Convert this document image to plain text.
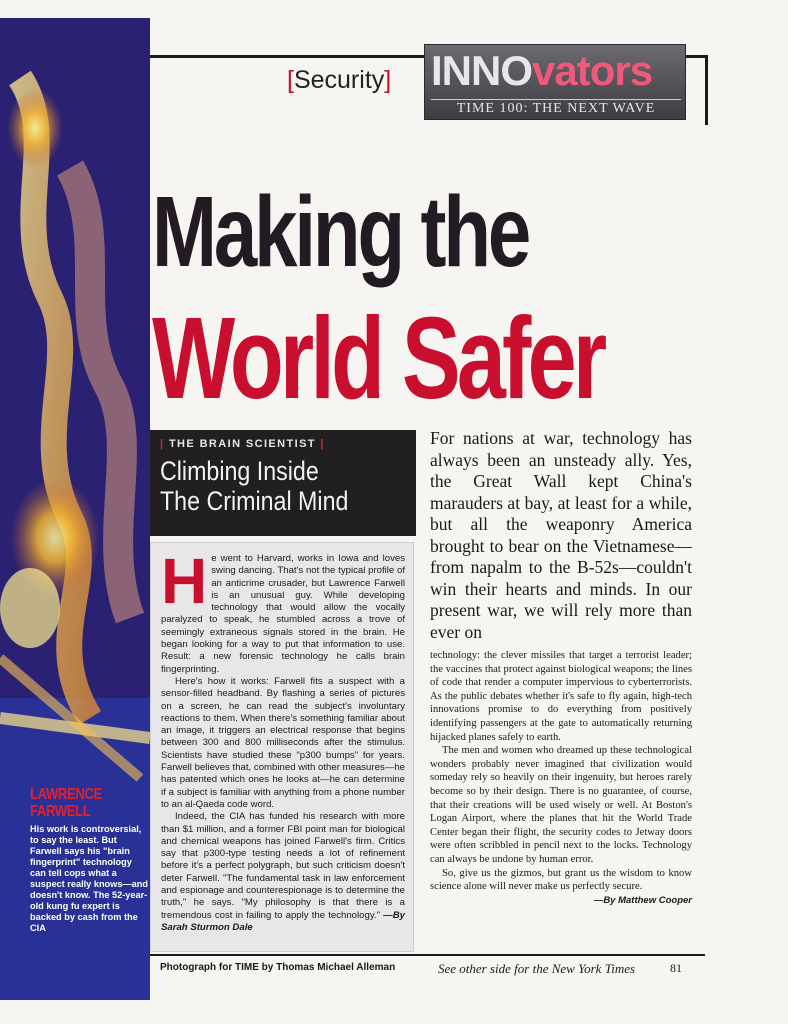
LAWRENCE FARWELL
His work is controversial, to say the least. But Farwell says his "brain fingerprint" technology can tell cops what a suspect really knows—and doesn't know. The 52-year-old kung fu expert is backed by cash from the CIA
[Security] INNOvators
TIME 100: THE NEXT WAVE
Making the
World Safer
| THE BRAIN SCIENTIST |
Climbing Inside
The Criminal Mind

He went to Harvard, works in Iowa and loves swing dancing. That's not the typical profile of an anticrime crusader, but Lawrence Farwell is an unusual guy. While developing technology that would allow the vocally paralyzed to speak, he stumbled across a trove of seemingly extraneous signals stored in the brain. He began looking for a way to put that information to use. Result: a new forensic technology he calls brain fingerprinting.

Here's how it works: Farwell fits a suspect with a sensor-filled headband. By flashing a series of pictures on a screen, he can read the subject's involuntary reactions to them. When there's something familiar about an image, it triggers an electrical response that begins between 300 and 800 milliseconds after the stimulus. Scientists have studied these "p300 bumps" for years. Farwell believes that, combined with other measures—he has patented which ones he looks at—he can determine if a subject is familiar with anything from a phone number to an al-Qaeda code word.

Indeed, the CIA has funded his research with more than $1 million, and a former FBI point man for biological and chemical weapons has joined Farwell's firm. Critics say that p300-type testing needs a lot of refinement before it's a perfect polygraph, but such criticism doesn't deter Farwell. "The fundamental task in law enforcement and espionage and counterespionage is to determine the truth," he says. "My philosophy is that there is a tremendous cost in failing to apply the technology." —By Sarah Sturmon Dale

For nations at war, technology has always been an unsteady ally. Yes, the Great Wall kept China's marauders at bay, at least for a while, but all the weaponry America brought to bear on the Vietnamese—from napalm to the B-52s—couldn't win their hearts and minds. In our present war, we will rely more than ever on

technology: the clever missiles that target a terrorist leader; the vaccines that protect against biological weapons; the lines of code that render a computer impervious to cyberterrorists. As the public debates whether it's safe to fly again, high-tech innovations promise to do everything from positively identifying passengers at the gate to automatically returning hijacked planes safely to earth.

The men and women who dreamed up these technological wonders probably never imagined that civilization would someday rely so heavily on their ingenuity, but heroes rarely become so by their design. There is no guarantee, of course, that their creations will be used wisely or well. At Boston's Logan Airport, where the planes that hit the World Trade Center began their flight, the security codes to Jetway doors were often scribbled in pencil next to the locks. Technology can always be undone by human error.

So, give us the gizmos, but grant us the wisdom to know science alone will never make us perfectly secure.
—By Matthew Cooper

Photograph for TIME by Thomas Michael Alleman	See other side for the New York Times	81
